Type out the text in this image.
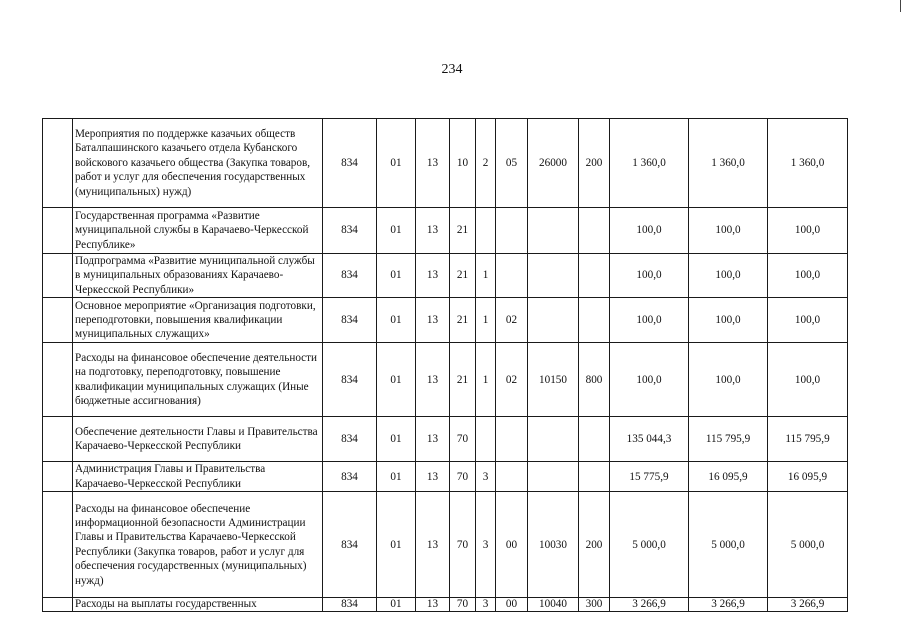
234
	Мероприятия по поддержке казачьих обществ Баталпашинского казачьего отдела Кубанского войскового казачьего общества (Закупка товаров, работ и услуг для обеспечения государственных (муниципальных) нужд)	834	01	13	10	2	05	26000	200	1 360,0	1 360,0	1 360,0
	Государственная программа «Развитие муниципальной службы в Карачаево-Черкесской Республике»	834	01	13	21					100,0	100,0	100,0
	Подпрограмма «Развитие муниципальной службы в муниципальных образованиях Карачаево-Черкесской Республики»	834	01	13	21	1				100,0	100,0	100,0
	Основное мероприятие «Организация подготовки, переподготовки, повышения квалификации муниципальных служащих»	834	01	13	21	1	02			100,0	100,0	100,0
	Расходы на финансовое обеспечение деятельности на подготовку, переподготовку, повышение квалификации муниципальных служащих (Иные бюджетные ассигнования)	834	01	13	21	1	02	10150	800	100,0	100,0	100,0
	Обеспечение деятельности Главы и Правительства Карачаево-Черкесской Республики	834	01	13	70					135 044,3	115 795,9	115 795,9
	Администрация Главы и Правительства Карачаево-Черкесской Республики	834	01	13	70	3				15 775,9	16 095,9	16 095,9
	Расходы на финансовое обеспечение информационной безопасности Администрации Главы и Правительства Карачаево-Черкесской Республики (Закупка товаров, работ и услуг для обеспечения государственных (муниципальных) нужд)	834	01	13	70	3	00	10030	200	5 000,0	5 000,0	5 000,0
	Расходы на выплаты государственных	834	01	13	70	3	00	10040	300	3 266,9	3 266,9	3 266,9
